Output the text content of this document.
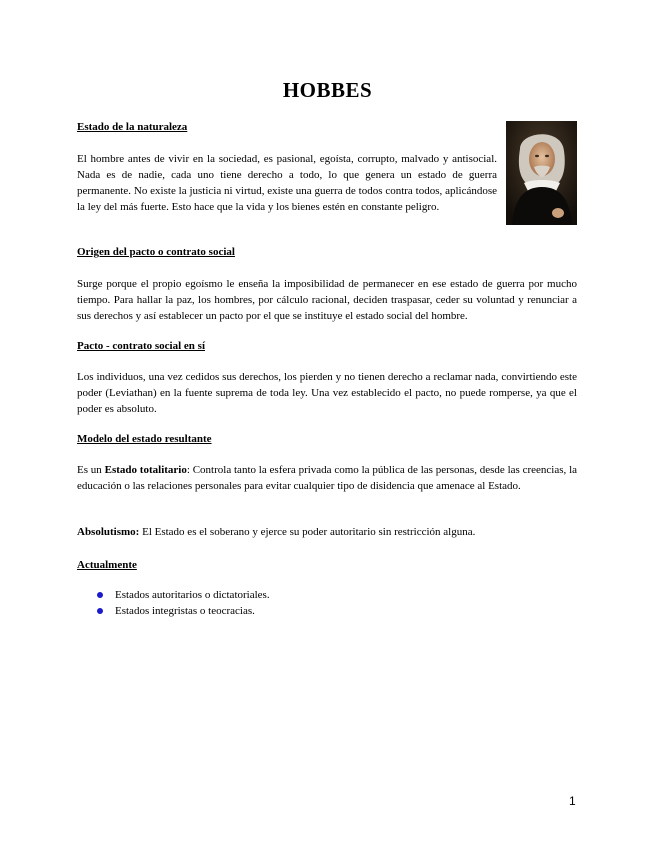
HOBBES
Estado de la naturaleza
El hombre antes de vivir en la sociedad, es pasional, egoísta, corrupto, malvado y antisocial. Nada es de nadie, cada uno tiene derecho a todo, lo que genera un estado de guerra permanente. No existe la justicia ni virtud, existe una guerra de todos contra todos, aplicándose la ley del más fuerte. Esto hace que la vida y los bienes estén en constante peligro.
Origen del pacto o contrato social
Surge porque el propio egoísmo le enseña la imposibilidad de permanecer en ese estado de guerra por mucho tiempo. Para hallar la paz, los hombres, por cálculo racional, deciden traspasar, ceder su voluntad y renunciar a sus derechos y así establecer un pacto por el que se instituye el estado social del hombre.
Pacto - contrato social en sí
Los individuos, una vez cedidos sus derechos, los pierden y no tienen derecho a reclamar nada, convirtiendo este poder (Leviathan) en la fuente suprema de toda ley. Una vez establecido el pacto, no puede romperse, ya que el poder es absoluto.
Modelo del estado resultante
Es un Estado totalitario: Controla tanto la esfera privada como la pública de las personas, desde las creencias, la educación o las relaciones personales para evitar cualquier tipo de disidencia que amenace al Estado.
Absolutismo: El Estado es el soberano y ejerce su poder autoritario sin restricción alguna.
Actualmente
Estados autoritarios o dictatoriales.
Estados integristas o teocracias.
1
